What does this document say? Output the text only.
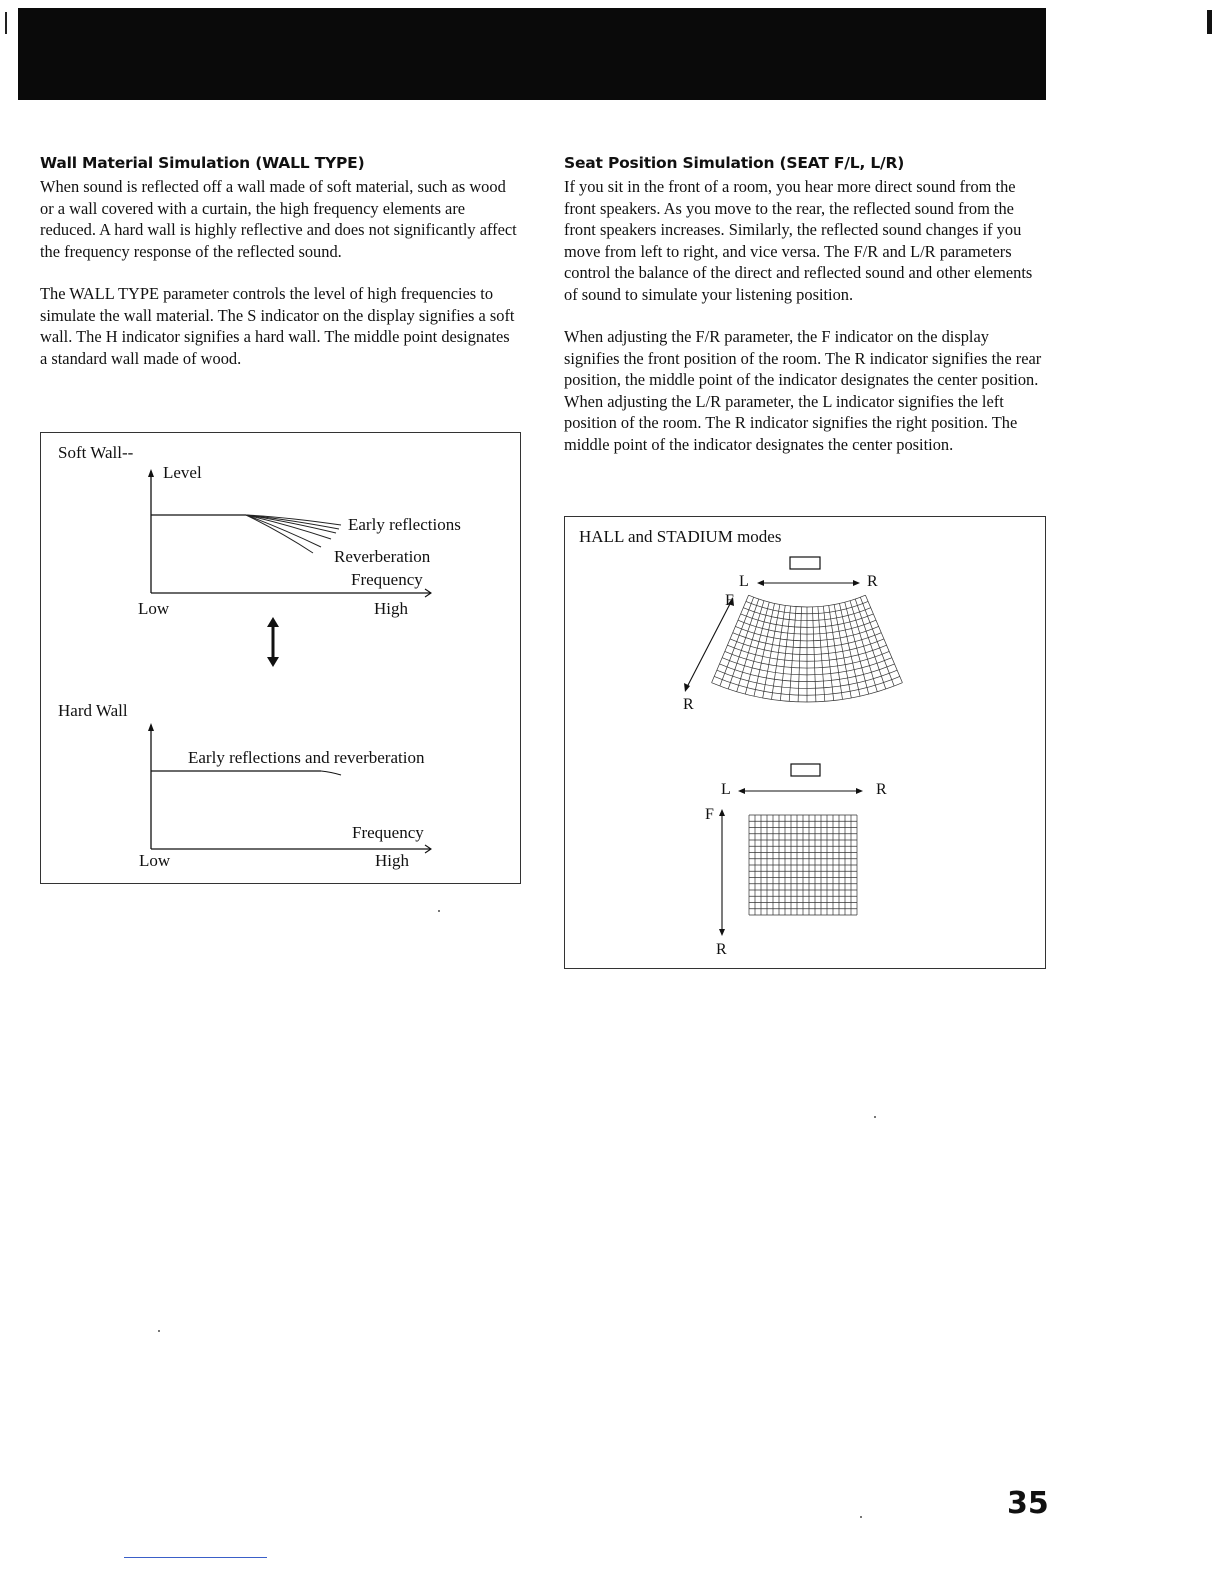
Wall Material Simulation (WALL TYPE)

When sound is reflected off a wall made of soft material, such as wood or a wall covered with a curtain, the high frequency elements are reduced. A hard wall is highly reflective and does not significantly affect the frequency response of the reflected sound.

The WALL TYPE parameter controls the level of high frequencies to simulate the wall material. The S indicator on the display signifies a soft wall. The H indicator signifies a hard wall. The middle point designates a standard wall made of wood.

Soft Wall--
Level
Early reflections
Reverberation
Frequency
Low	High
Hard Wall
Early reflections and reverberation
Frequency
Low	High
Seat Position Simulation (SEAT F/L, L/R)

If you sit in the front of a room, you hear more direct sound from the front speakers. As you move to the rear, the reflected sound from the front speakers increases. Similarly, the reflected sound changes if you move from left to right, and vice versa. The F/R and L/R parameters control the balance of the direct and reflected sound and other elements of sound to simulate your listening position.

When adjusting the F/R parameter, the F indicator on the display signifies the front position of the room. The R indicator signifies the rear position, the middle point of the indicator designates the center position. When adjusting the L/R parameter, the L indicator signifies the left position of the room. The R indicator signifies the right position. The middle point of the indicator designates the center position.

HALL and STADIUM modes
L	R
F
R
L	R
F
R
35
